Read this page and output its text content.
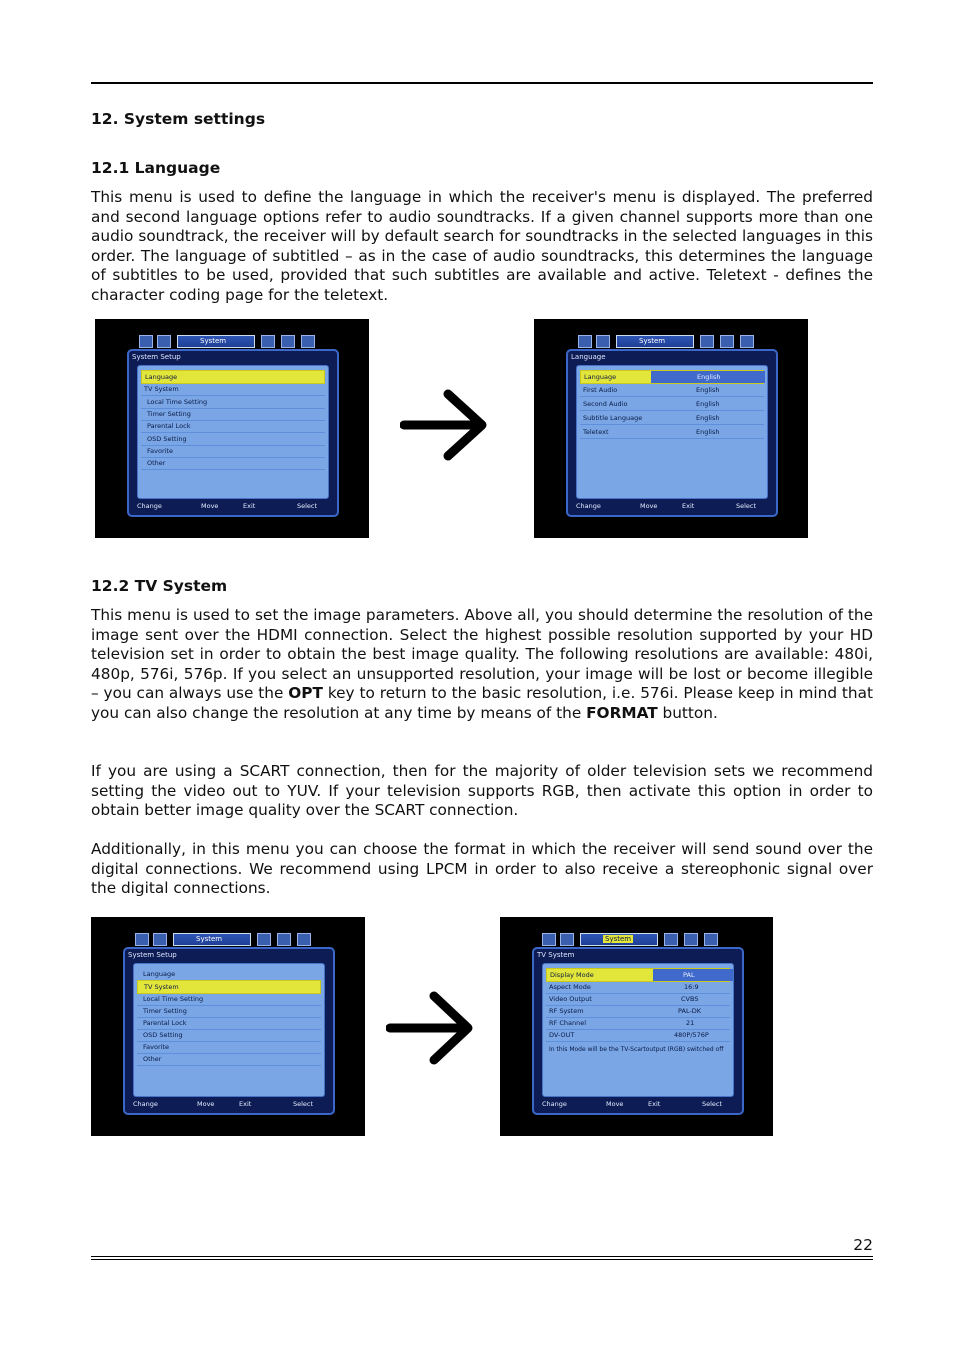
12. System settings
12.1 Language

This menu is used to define the language in which the receiver's menu is displayed. The preferred and second language options refer to audio soundtracks. If a given channel supports more than one audio soundtrack, the receiver will by default search for soundtracks in the selected languages in this order. The language of subtitled – as in the case of audio soundtracks, this determines the language of subtitles to be used, provided that such subtitles are available and active. Teletext - defines the character coding page for the teletext.

System
System Setup
Language
TV System
Local Time Setting
Timer Setting
Parental Lock
OSD Setting
Favorite
Other
Change	Move	Exit	Select
System
Language
Language	English
First Audio	English
Second Audio	English
Subtitle Language	English
Teletext	English
Change	Move	Exit	Select
12.2 TV System

This menu is used to set the image parameters. Above all, you should determine the resolution of the image sent over the HDMI connection. Select the highest possible resolution supported by your HD television set in order to obtain the best image quality. The following resolutions are available: 480i, 480p, 576i, 576p. If you select an unsupported resolution, your image will be lost or become illegible – you can always use the OPT key to return to the basic resolution, i.e. 576i. Please keep in mind that you can also change the resolution at any time by means of the FORMAT button.

If you are using a SCART connection, then for the majority of older television sets we recommend setting the video out to YUV. If your television supports RGB, then activate this option in order to obtain better image quality over the SCART connection.

Additionally, in this menu you can choose the format in which the receiver will send sound over the digital connections. We recommend using LPCM in order to also receive a stereophonic signal over the digital connections.

System
System Setup
Language
TV System
Local Time Setting
Timer Setting
Parental Lock
OSD Setting
Favorite
Other
Change	Move	Exit	Select
System
TV System
Display Mode	PAL
Aspect Mode	16:9
Video Output	CVBS
RF System	PAL-DK
RF Channel	21
DV-OUT	480P/576P
In this Mode will be the TV-Scartoutput (RGB) switched off
Change	Move	Exit	Select
22
